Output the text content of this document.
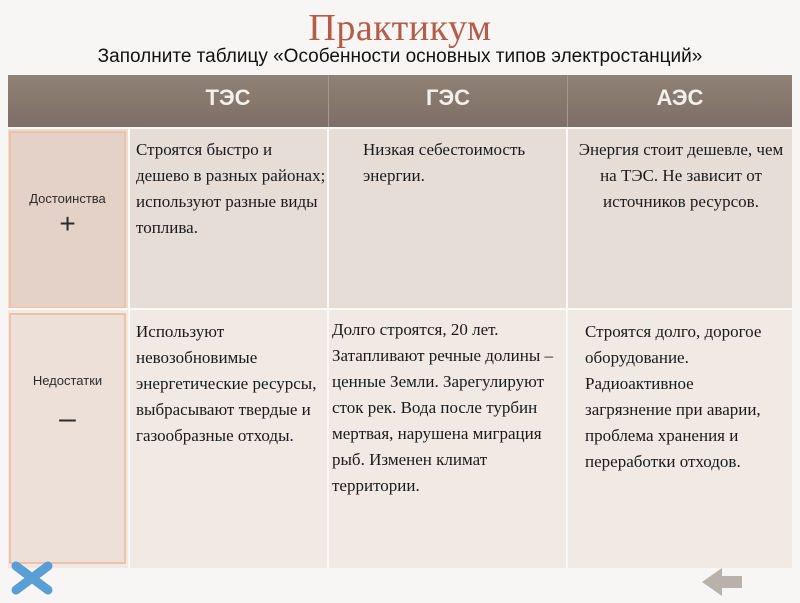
Практикум
Заполните таблицу «Особенности основных типов электростанций»
ТЭС	ГЭС	АЭС
Достоинства
+
Строятся быстро и дешево в разных районах; используют разные виды топлива.
Низкая себестоимость энергии.
Энергия стоит дешевле, чем на ТЭС. Не зависит от источников ресурсов.
Недостатки
–
Используют невозобновимые энергетические ресурсы, выбрасывают твердые и газообразные отходы.
Долго строятся, 20 лет. Затапливают речные долины – ценные Земли. Зарегулируют сток рек. Вода после турбин мертвая, нарушена миграция рыб. Изменен климат территории.
Строятся долго, дорогое оборудование. Радиоактивное загрязнение при аварии, проблема хранения и переработки отходов.
